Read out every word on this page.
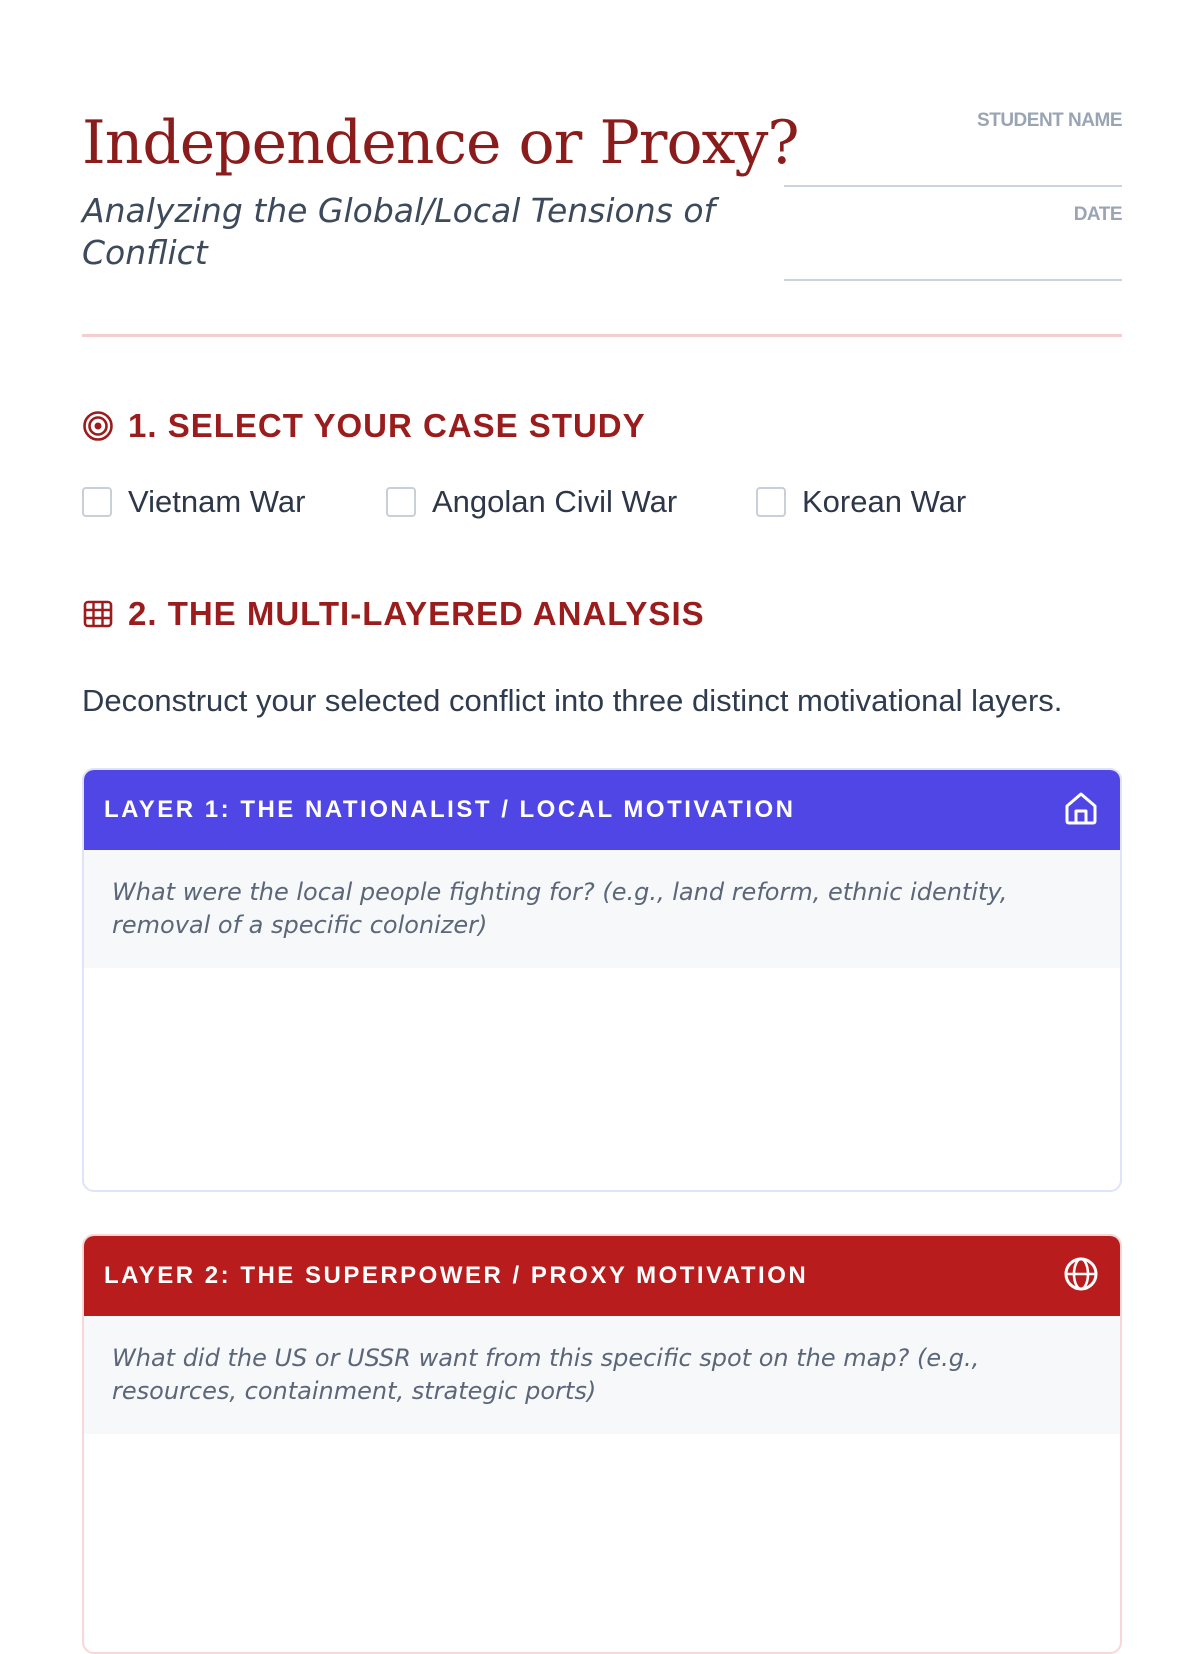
Independence or Proxy?
Analyzing the Global/Local Tensions of Conflict
STUDENT NAME
DATE
1. SELECT YOUR CASE STUDY
Vietnam War	Angolan Civil War	Korean War
2. THE MULTI-LAYERED ANALYSIS
Deconstruct your selected conflict into three distinct motivational layers.
LAYER 1: THE NATIONALIST / LOCAL MOTIVATION
What were the local people fighting for? (e.g., land reform, ethnic identity, removal of a specific colonizer)
LAYER 2: THE SUPERPOWER / PROXY MOTIVATION
What did the US or USSR want from this specific spot on the map? (e.g., resources, containment, strategic ports)
